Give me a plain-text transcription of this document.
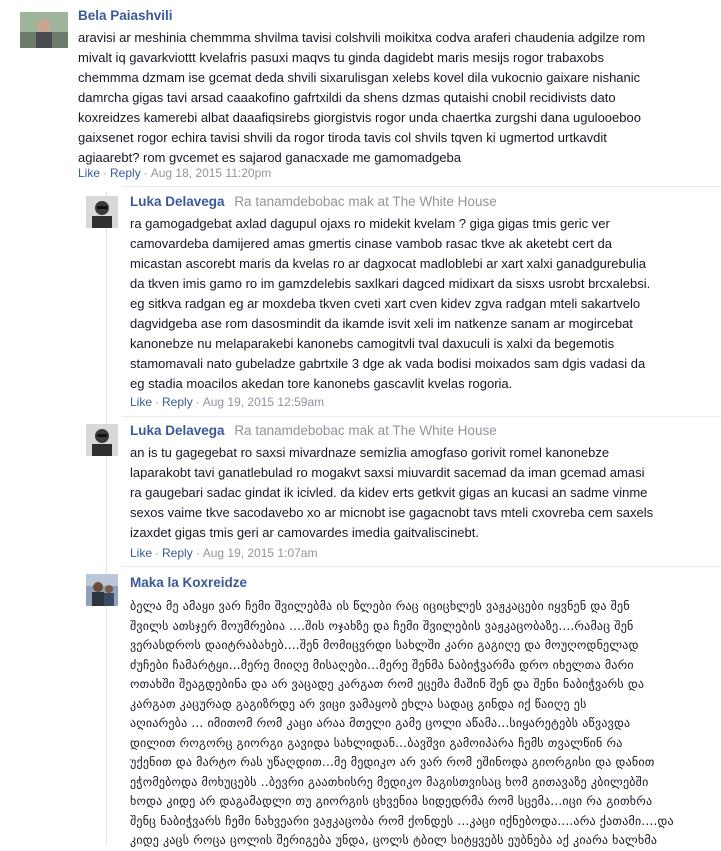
Bela Paiashvili

aravisi ar meshinia chemmma shvilma tavisi colshvili moikitxa codva araferi chaudenia adgilze rom

mivalt iq gavarkviottt kvelafris pasuxi maqvs tu ginda dagidebt maris mesijs rogor trabaxobs

chemmma dzmam ise gcemat deda shvili sixarulisgan xelebs kovel dila vukocnio gaixare nishanic

damrcha gigas tavi arsad caaakofino gafrtxildi da shens dzmas qutaishi cnobil recidivists dato

koxreidzes kamerebi albat daaafiqsirebs giorgistvis rogor unda chaertka zurgshi dana ugulooeboo

gaixsenet rogor echira tavisi shvili da rogor tiroda tavis col shvils tqven ki ugmertod urtkavdit

agiaarebt? rom gvcemet es sajarod ganacxade me gamomadgeba

Like · Reply · Aug 18, 2015 11:20pm
Luka Delavega Ra tanamdebobac mak at The White House

ra gamogadgebat axlad dagupul ojaxs ro midekit kvelam ? giga gigas tmis geric ver

camovardeba damijered amas gmertis cinase vambob rasac tkve ak aketebt cert da

micastan ascorebt maris da kvelas ro ar dagxocat madloblebi ar xart xalxi ganadgurebulia

da tkven imis gamo ro im gamzdelebis saxlkari dagced midixart da sisxs usrobt brcxalebsi.

eg sitkva radgan eg ar moxdeba tkven cveti xart cven kidev zgva radgan mteli sakartvelo

dagvidgeba ase rom dasosmindit da ikamde isvit xeli im natkenze sanam ar mogircebat

kanonebze nu melaparakebi kanonebs camogitvli tval daxuculi is xalxi da begemotis

stamomavali nato gubeladze gabrtxile 3 dge ak vada bodisi moixados sam dgis vadasi da

eg stadia moacilos akedan tore kanonebs gascavlit kvelas rogoria.

Like · Reply · Aug 19, 2015 12:59am
Luka Delavega Ra tanamdebobac mak at The White House

an is tu gagegebat ro saxsi mivardnaze semizlia amogfaso gorivit romel kanonebze

laparakobt tavi ganatlebulad ro mogakvt saxsi miuvardit sacemad da iman gcemad amasi

ra gaugebari sadac gindat ik icivled. da kidev erts getkvit gigas an kucasi an sadme vinme

sexos vaime tkve sacodavebo xo ar micnobt ise gagacnobt tavs mteli cxovreba cem saxels

izaxdet gigas tmis geri ar camovardes imedia gaitvaliscinebt.

Like · Reply · Aug 19, 2015 1:07am
Maka la Koxreidze

ბელა მე ამაყი ვარ ჩემი შვილებმა ის წლები რაც იციცხლეს ვაჟკაცები იყვნენ და შენ

შვილს ათსჯერ მოუმრებია ....შის ოჯახზე და ჩემი შვილების ვაჟკაცობაზე....რამაც შენ

ვერასდროს დაიტრაბახებ....შენ მომიცვრდი სახლში კარი გაგიღე და მოუღოდნელად

ძუჩები ჩამარტყი...მერე მიიღე მისაღები...მერე შენმა ნაბიჭვარმა დრო იხელთა მარი

ოთახში შეაგდებინა და არ ვაცადე კარგათ რომ ეცემა მაშინ შენ და შენი ნაბიჭვარს და

კარგათ კაცურად გაგიზრდე არ ვიცი ვამაყობ ეხლა სადაც გინდა იქ წაიღე ეს

აღიარება ... იმითომ რომ კაცი არაა მთელი გამე ცოლი აწამა...სიყარეტებს აწვავდა

დილით როგორც გიორგი გავიდა სახლიდან...ბავშვი გამოიპარა ჩემს თვალწინ რა

უქენით და მარტო რას უწაღდით...მე მედიკო არ ვარ რომ ეშინოდა გიორგისი და დანით

ეჭომებოდა მოხუცებს ..ბევრი გაათხისრე მედიკო მაგისთვისაც ხომ გითავაზე კბილებში

ხოდა კიდე არ დაგამადლი თუ გიორგის ცხვენია სიდედრმა რომ სცემა...იცი რა გითხრა

შენც ნაბიჭვარს ჩემი ნახვეარი ვაჟკაცობა რომ ქონდეს ...კაცი იქნებოდა....არა ქათამი....და

კიდე კაცს როცა ცოლის შერიგება უნდა, ცოლს ტბილ სიტყვებს ეუბნება აქ კიარა ხალხმა
